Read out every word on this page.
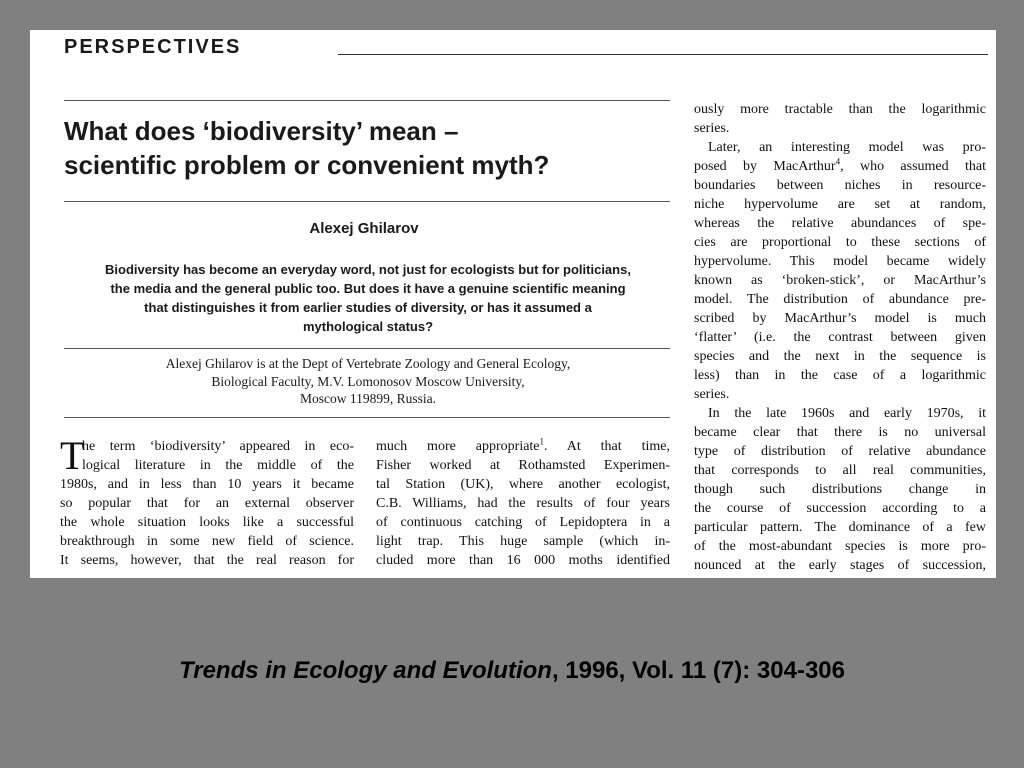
PERSPECTIVES
What does ‘biodiversity’ mean –
scientific problem or convenient myth?
Alexej Ghilarov
Biodiversity has become an everyday word, not just for ecologists but for politicians,
the media and the general public too. But does it have a genuine scientific meaning
that distinguishes it from earlier studies of diversity, or has it assumed a
mythological status?
Alexej Ghilarov is at the Dept of Vertebrate Zoology and General Ecology,
Biological Faculty, M.V. Lomonosov Moscow University,
Moscow 119899, Russia.
T
he term ‘biodiversity’ appeared in eco-
logical literature in the middle of the
1980s, and in less than 10 years it became
so popular that for an external observer
the whole situation looks like a successful
breakthrough in some new field of science.
It seems, however, that the real reason for
much more appropriate$^1$. At that time,
Fisher worked at Rothamsted Experimen-
tal Station (UK), where another ecologist,
C.B. Williams, had the results of four years
of continuous catching of Lepidoptera in a
light trap. This huge sample (which in-
cluded more than 16 000 moths identified
ously more tractable than the logarithmic
series.
Later, an interesting model was pro-
posed by MacArthur$^4$, who assumed that
boundaries between niches in resource-
niche hypervolume are set at random,
whereas the relative abundances of spe-
cies are proportional to these sections of
hypervolume. This model became widely
known as ‘broken-stick’, or MacArthur’s
model. The distribution of abundance pre-
scribed by MacArthur’s model is much
‘flatter’ (i.e. the contrast between given
species and the next in the sequence is
less) than in the case of a logarithmic
series.
In the late 1960s and early 1970s, it
became clear that there is no universal
type of distribution of relative abundance
that corresponds to all real communities,
though such distributions change in
the course of succession according to a
particular pattern. The dominance of a few
of the most-abundant species is more pro-
nounced at the early stages of succession,
Trends in Ecology and Evolution, 1996, Vol. 11 (7): 304-306
